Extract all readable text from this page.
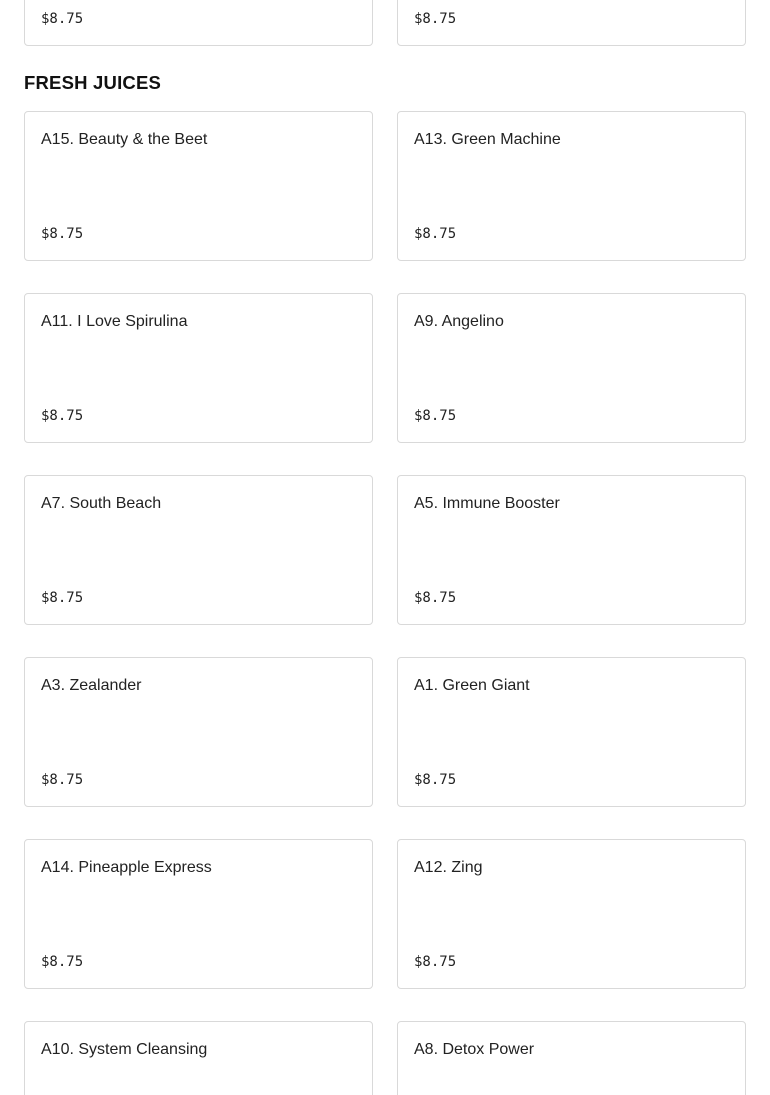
$8.75	$8.75
FRESH JUICES
A15. Beauty & the Beet
$8.75
A13. Green Machine
$8.75
A11. I Love Spirulina
$8.75
A9. Angelino
$8.75
A7. South Beach
$8.75
A5. Immune Booster
$8.75
A3. Zealander
$8.75
A1. Green Giant
$8.75
A14. Pineapple Express
$8.75
A12. Zing
$8.75
A10. System Cleansing	A8. Detox Power
